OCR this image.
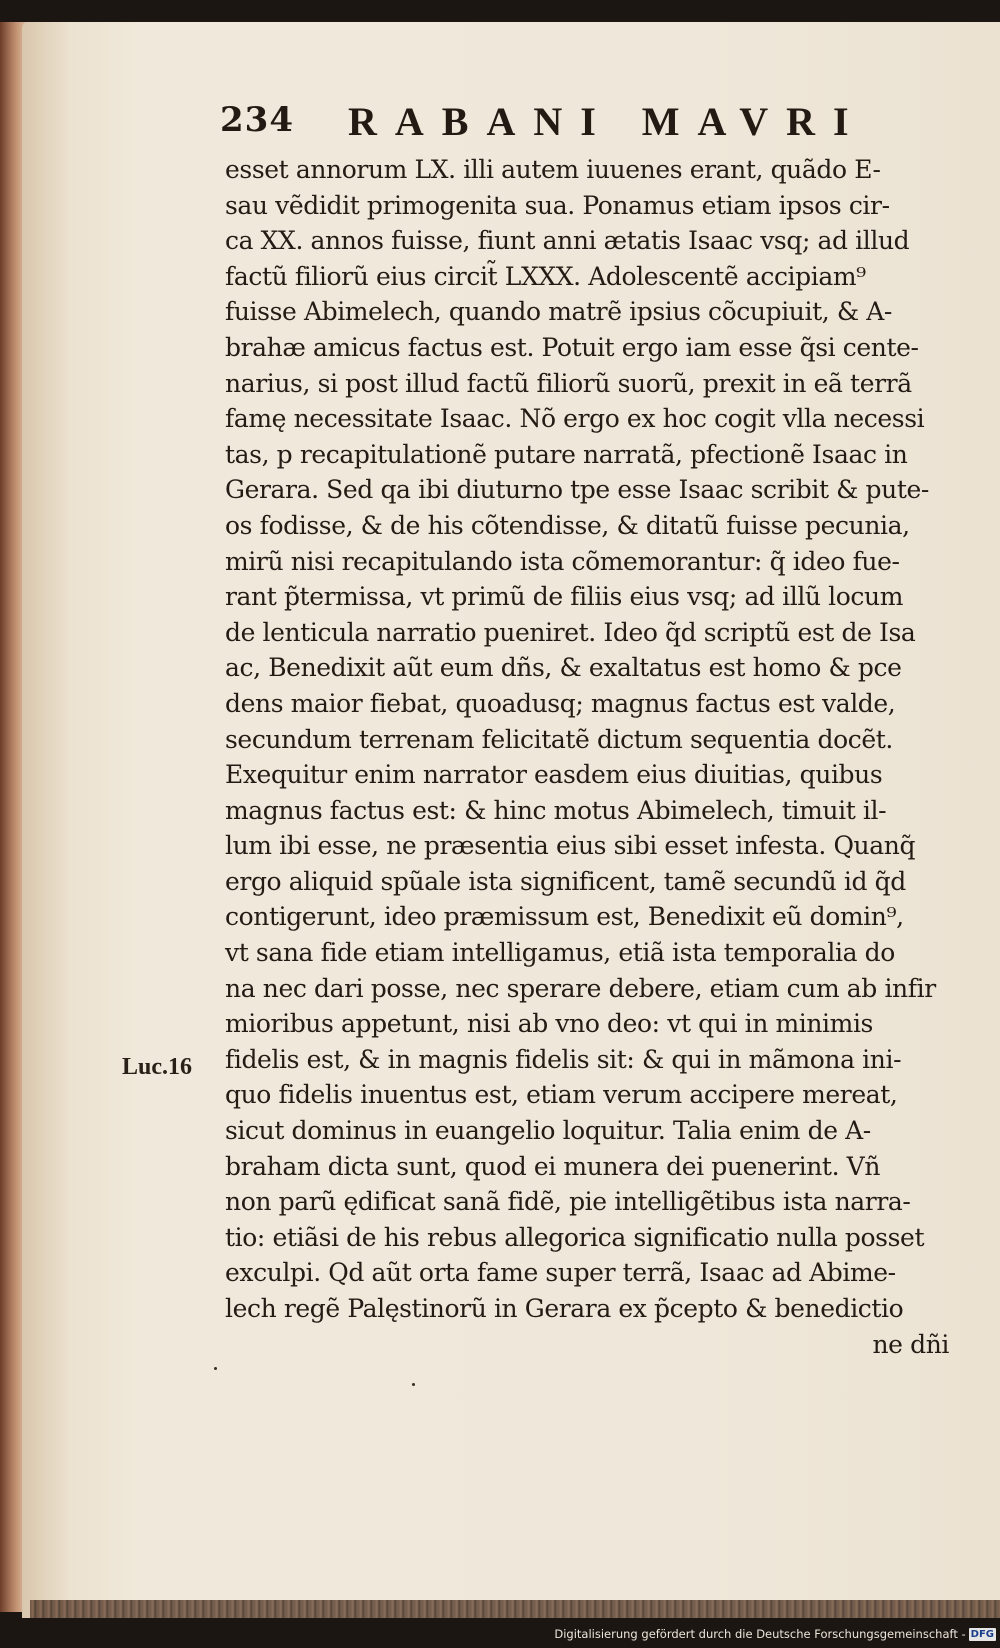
234 RABANI MAVRI
esset annorum LX. illi autem iuuenes erant, quãdo E-
sau vẽdidit primogenita sua. Ponamus etiam ipsos cir-
ca XX. annos fuisse, fiunt anni ætatis Isaac vsq; ad illud
factũ filiorũ eius circit̃ LXXX. Adolescentẽ accipiam⁹
fuisse Abimelech, quando matrẽ ipsius cõcupiuit, & A-
brahæ amicus factus est. Potuit ergo iam esse q̃si cente-
narius, si post illud factũ filiorũ suorũ, prexit in eã terrã
famę necessitate Isaac. Nõ ergo ex hoc cogit vlla necessi
tas, p recapitulationẽ putare narratã, pfectionẽ Isaac in
Gerara. Sed qa ibi diuturno tpe esse Isaac scribit & pute-
os fodisse, & de his cõtendisse, & ditatũ fuisse pecunia,
mirũ nisi recapitulando ista cõmemorantur: q̃ ideo fue-
rant p̃termissa, vt primũ de filiis eius vsq; ad illũ locum
de lenticula narratio pueniret. Ideo q̃d scriptũ est de Isa
ac, Benedixit aũt eum dñs, & exaltatus est homo & pce
dens maior fiebat, quoadusq; magnus factus est valde,
secundum terrenam felicitatẽ dictum sequentia docẽt.
Exequitur enim narrator easdem eius diuitias, quibus
magnus factus est: & hinc motus Abimelech, timuit il-
lum ibi esse, ne præsentia eius sibi esset infesta. Quanq̃
ergo aliquid spũale ista significent, tamẽ secundũ id q̃d
contigerunt, ideo præmissum est, Benedixit eũ domin⁹,
vt sana fide etiam intelligamus, etiã ista temporalia do
na nec dari posse, nec sperare debere, etiam cum ab infir
mioribus appetunt, nisi ab vno deo: vt qui in minimis
fidelis est, & in magnis fidelis sit: & qui in mãmona ini-
quo fidelis inuentus est, etiam verum accipere mereat,
sicut dominus in euangelio loquitur. Talia enim de A-
braham dicta sunt, quod ei munera dei puenerint. Vñ
non parũ ędificat sanã fidẽ, pie intelligẽtibus ista narra-
tio: etiãsi de his rebus allegorica significatio nulla posset
exculpi. Qd aũt orta fame super terrã, Isaac ad Abime-
lech regẽ Palęstinorũ in Gerara ex p̃cepto & benedictio
ne dñi
Luc.16
Digitalisierung gefördert durch die Deutsche Forschungsgemeinschaft - DFG
